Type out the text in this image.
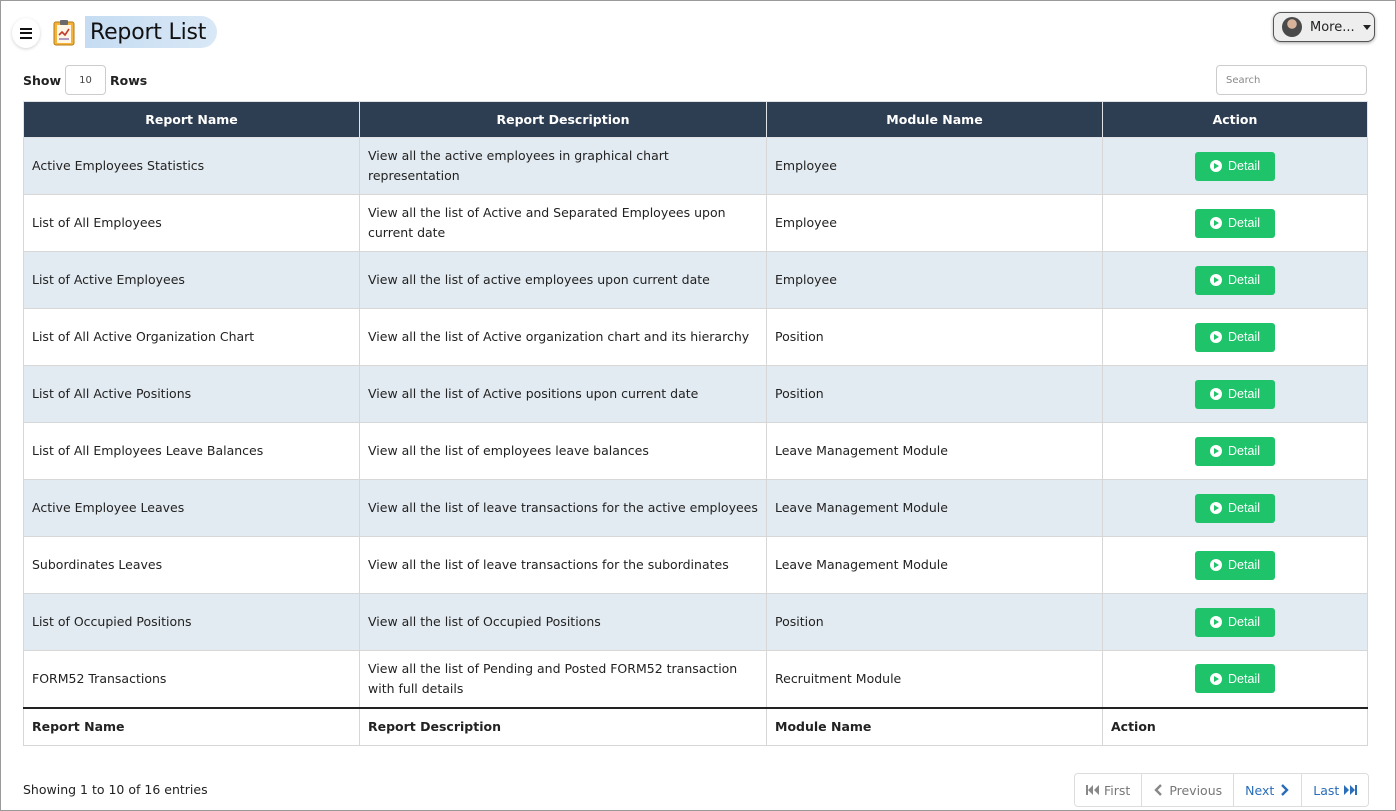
Report List	More...
Show
10	Rows
Search
Report Name	Report Description	Module Name	Action
Active Employees Statistics	View all the active employees in graphical chart representation	Employee	Detail

List of All Employees	View all the list of Active and Separated Employees upon current date	Employee	Detail

List of Active Employees	View all the list of active employees upon current date	Employee	Detail

List of All Active Organization Chart	View all the list of Active organization chart and its hierarchy	Position	Detail

List of All Active Positions	View all the list of Active positions upon current date	Position	Detail

List of All Employees Leave Balances	View all the list of employees leave balances	Leave Management Module	Detail

Active Employee Leaves	View all the list of leave transactions for the active employees	Leave Management Module	Detail

Subordinates Leaves	View all the list of leave transactions for the subordinates	Leave Management Module	Detail

List of Occupied Positions	View all the list of Occupied Positions	Position	Detail

FORM52 Transactions	View all the list of Pending and Posted FORM52 transaction with full details	Recruitment Module	Detail

Report Name	Report Description	Module Name	Action
Showing 1 to 10 of 16 entries	First	Previous Next	Last
